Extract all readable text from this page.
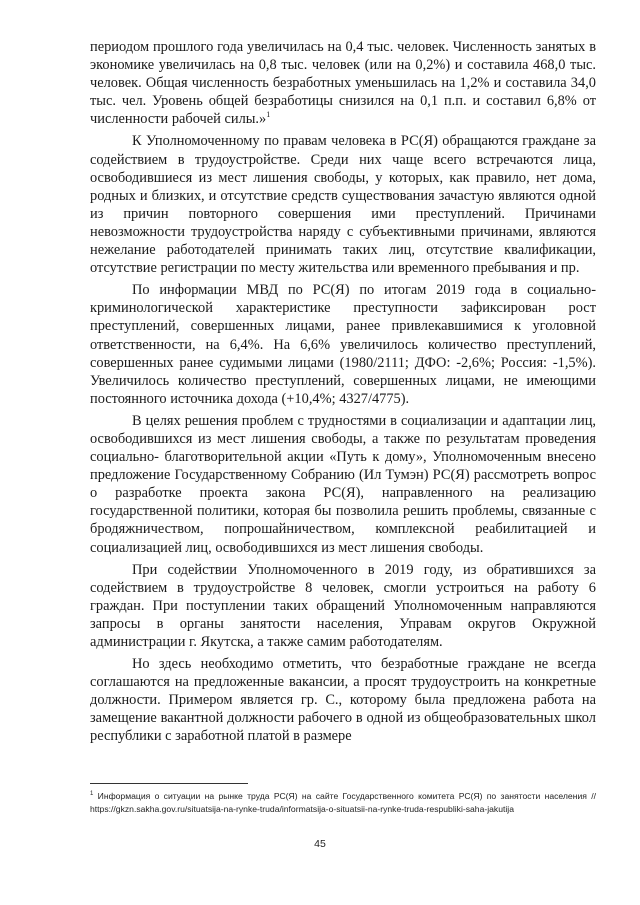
периодом прошлого года увеличилась на 0,4 тыс. человек. Численность занятых в экономике увеличилась на 0,8 тыс. человек (или на 0,2%) и составила 468,0 тыс. человек. Общая численность безработных уменьшилась на 1,2% и составила 34,0 тыс. чел. Уровень общей безработицы снизился на 0,1 п.п. и составил 6,8% от численности рабочей силы.»$^1$

К Уполномоченному по правам человека в РС(Я) обращаются граждане за содействием в трудоустройстве. Среди них чаще всего встречаются лица, освободившиеся из мест лишения свободы, у которых, как правило, нет дома, родных и близких, и отсутствие средств существования зачастую являются одной из причин повторного совершения ими преступлений. Причинами невозможности трудоустройства наряду с субъективными причинами, являются нежелание работодателей принимать таких лиц, отсутствие квалификации, отсутствие регистрации по месту жительства или временного пребывания и пр.

По информации МВД по РС(Я) по итогам 2019 года в социально-криминологической характеристике преступности зафиксирован рост преступлений, совершенных лицами, ранее привлекавшимися к уголовной ответственности, на 6,4%. На 6,6% увеличилось количество преступлений, совершенных ранее судимыми лицами (1980/2111; ДФО: -2,6%; Россия: -1,5%). Увеличилось количество преступлений, совершенных лицами, не имеющими постоянного источника дохода (+10,4%; 4327/4775).

В целях решения проблем с трудностями в социализации и адаптации лиц, освободившихся из мест лишения свободы, а также по результатам проведения социально- благотворительной акции «Путь к дому», Уполномоченным внесено предложение Государственному Собранию (Ил Тумэн) РС(Я) рассмотреть вопрос о разработке проекта закона РС(Я), направленного на реализацию государственной политики, которая бы позволила решить проблемы, связанные с бродяжничеством, попрошайничеством, комплексной реабилитацией и социализацией лиц, освободившихся из мест лишения свободы.

При содействии Уполномоченного в 2019 году, из обратившихся за содействием в трудоустройстве 8 человек, смогли устроиться на работу 6 граждан. При поступлении таких обращений Уполномоченным направляются запросы в органы занятости населения, Управам округов Окружной администрации г. Якутска, а также самим работодателям.

Но здесь необходимо отметить, что безработные граждане не всегда соглашаются на предложенные вакансии, а просят трудоустроить на конкретные должности. Примером является гр. С., которому была предложена работа на замещение вакантной должности рабочего в одной из общеобразовательных школ республики с заработной платой в размере

$^1$ Информация о ситуации на рынке труда РС(Я) на сайте Государственного комитета РС(Я) по занятости населения // https://gkzn.sakha.gov.ru/situatsija-na-rynke-truda/informatsija-o-situatsii-na-rynke-truda-respubliki-saha-jakutija
45
